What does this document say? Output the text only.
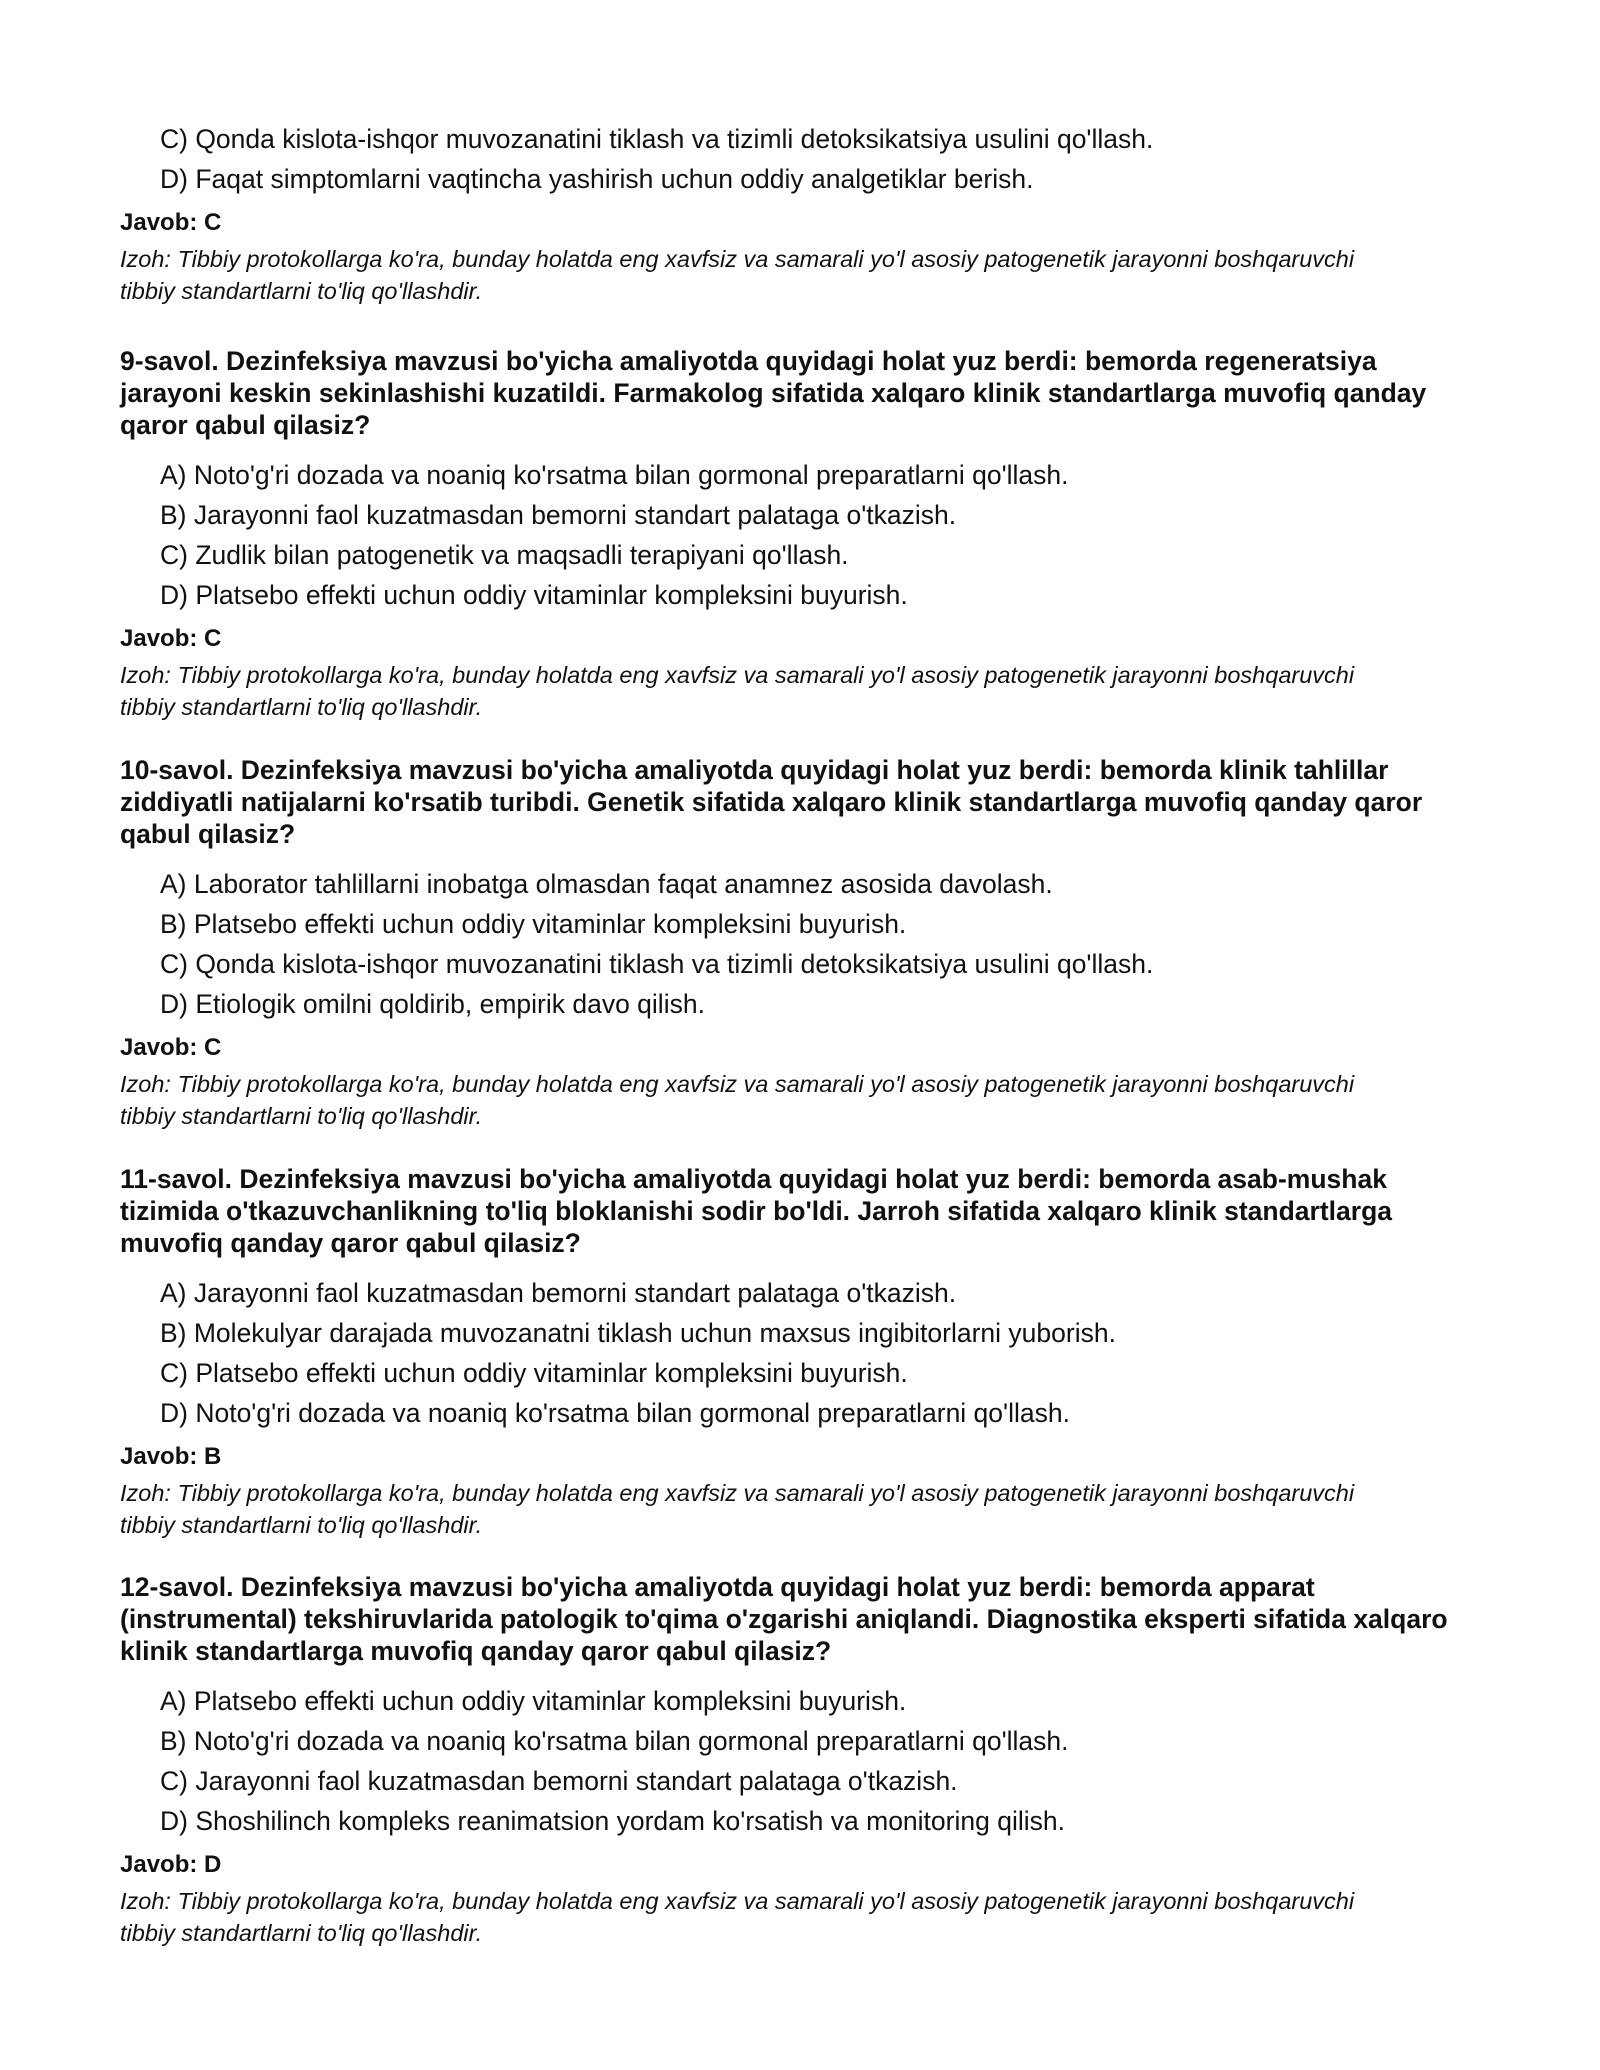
C) Qonda kislota-ishqor muvozanatini tiklash va tizimli detoksikatsiya usulini qo'llash.
D) Faqat simptomlarni vaqtincha yashirish uchun oddiy analgetiklar berish.
Javob: C
Izoh: Tibbiy protokollarga ko'ra, bunday holatda eng xavfsiz va samarali yo'l asosiy patogenetik jarayonni boshqaruvchi tibbiy standartlarni to'liq qo'llashdir.
9-savol. Dezinfeksiya mavzusi bo'yicha amaliyotda quyidagi holat yuz berdi: bemorda regeneratsiya jarayoni keskin sekinlashishi kuzatildi. Farmakolog sifatida xalqaro klinik standartlarga muvofiq qanday qaror qabul qilasiz?
A) Noto'g'ri dozada va noaniq ko'rsatma bilan gormonal preparatlarni qo'llash.
B) Jarayonni faol kuzatmasdan bemorni standart palataga o'tkazish.
C) Zudlik bilan patogenetik va maqsadli terapiyani qo'llash.
D) Platsebo effekti uchun oddiy vitaminlar kompleksini buyurish.
Javob: C
Izoh: Tibbiy protokollarga ko'ra, bunday holatda eng xavfsiz va samarali yo'l asosiy patogenetik jarayonni boshqaruvchi tibbiy standartlarni to'liq qo'llashdir.
10-savol. Dezinfeksiya mavzusi bo'yicha amaliyotda quyidagi holat yuz berdi: bemorda klinik tahlillar ziddiyatli natijalarni ko'rsatib turibdi. Genetik sifatida xalqaro klinik standartlarga muvofiq qanday qaror qabul qilasiz?
A) Laborator tahlillarni inobatga olmasdan faqat anamnez asosida davolash.
B) Platsebo effekti uchun oddiy vitaminlar kompleksini buyurish.
C) Qonda kislota-ishqor muvozanatini tiklash va tizimli detoksikatsiya usulini qo'llash.
D) Etiologik omilni qoldirib, empirik davo qilish.
Javob: C
Izoh: Tibbiy protokollarga ko'ra, bunday holatda eng xavfsiz va samarali yo'l asosiy patogenetik jarayonni boshqaruvchi tibbiy standartlarni to'liq qo'llashdir.
11-savol. Dezinfeksiya mavzusi bo'yicha amaliyotda quyidagi holat yuz berdi: bemorda asab-mushak tizimida o'tkazuvchanlikning to'liq bloklanishi sodir bo'ldi. Jarroh sifatida xalqaro klinik standartlarga muvofiq qanday qaror qabul qilasiz?
A) Jarayonni faol kuzatmasdan bemorni standart palataga o'tkazish.
B) Molekulyar darajada muvozanatni tiklash uchun maxsus ingibitorlarni yuborish.
C) Platsebo effekti uchun oddiy vitaminlar kompleksini buyurish.
D) Noto'g'ri dozada va noaniq ko'rsatma bilan gormonal preparatlarni qo'llash.
Javob: B
Izoh: Tibbiy protokollarga ko'ra, bunday holatda eng xavfsiz va samarali yo'l asosiy patogenetik jarayonni boshqaruvchi tibbiy standartlarni to'liq qo'llashdir.
12-savol. Dezinfeksiya mavzusi bo'yicha amaliyotda quyidagi holat yuz berdi: bemorda apparat (instrumental) tekshiruvlarida patologik to'qima o'zgarishi aniqlandi. Diagnostika eksperti sifatida xalqaro klinik standartlarga muvofiq qanday qaror qabul qilasiz?
A) Platsebo effekti uchun oddiy vitaminlar kompleksini buyurish.
B) Noto'g'ri dozada va noaniq ko'rsatma bilan gormonal preparatlarni qo'llash.
C) Jarayonni faol kuzatmasdan bemorni standart palataga o'tkazish.
D) Shoshilinch kompleks reanimatsion yordam ko'rsatish va monitoring qilish.
Javob: D
Izoh: Tibbiy protokollarga ko'ra, bunday holatda eng xavfsiz va samarali yo'l asosiy patogenetik jarayonni boshqaruvchi tibbiy standartlarni to'liq qo'llashdir.
